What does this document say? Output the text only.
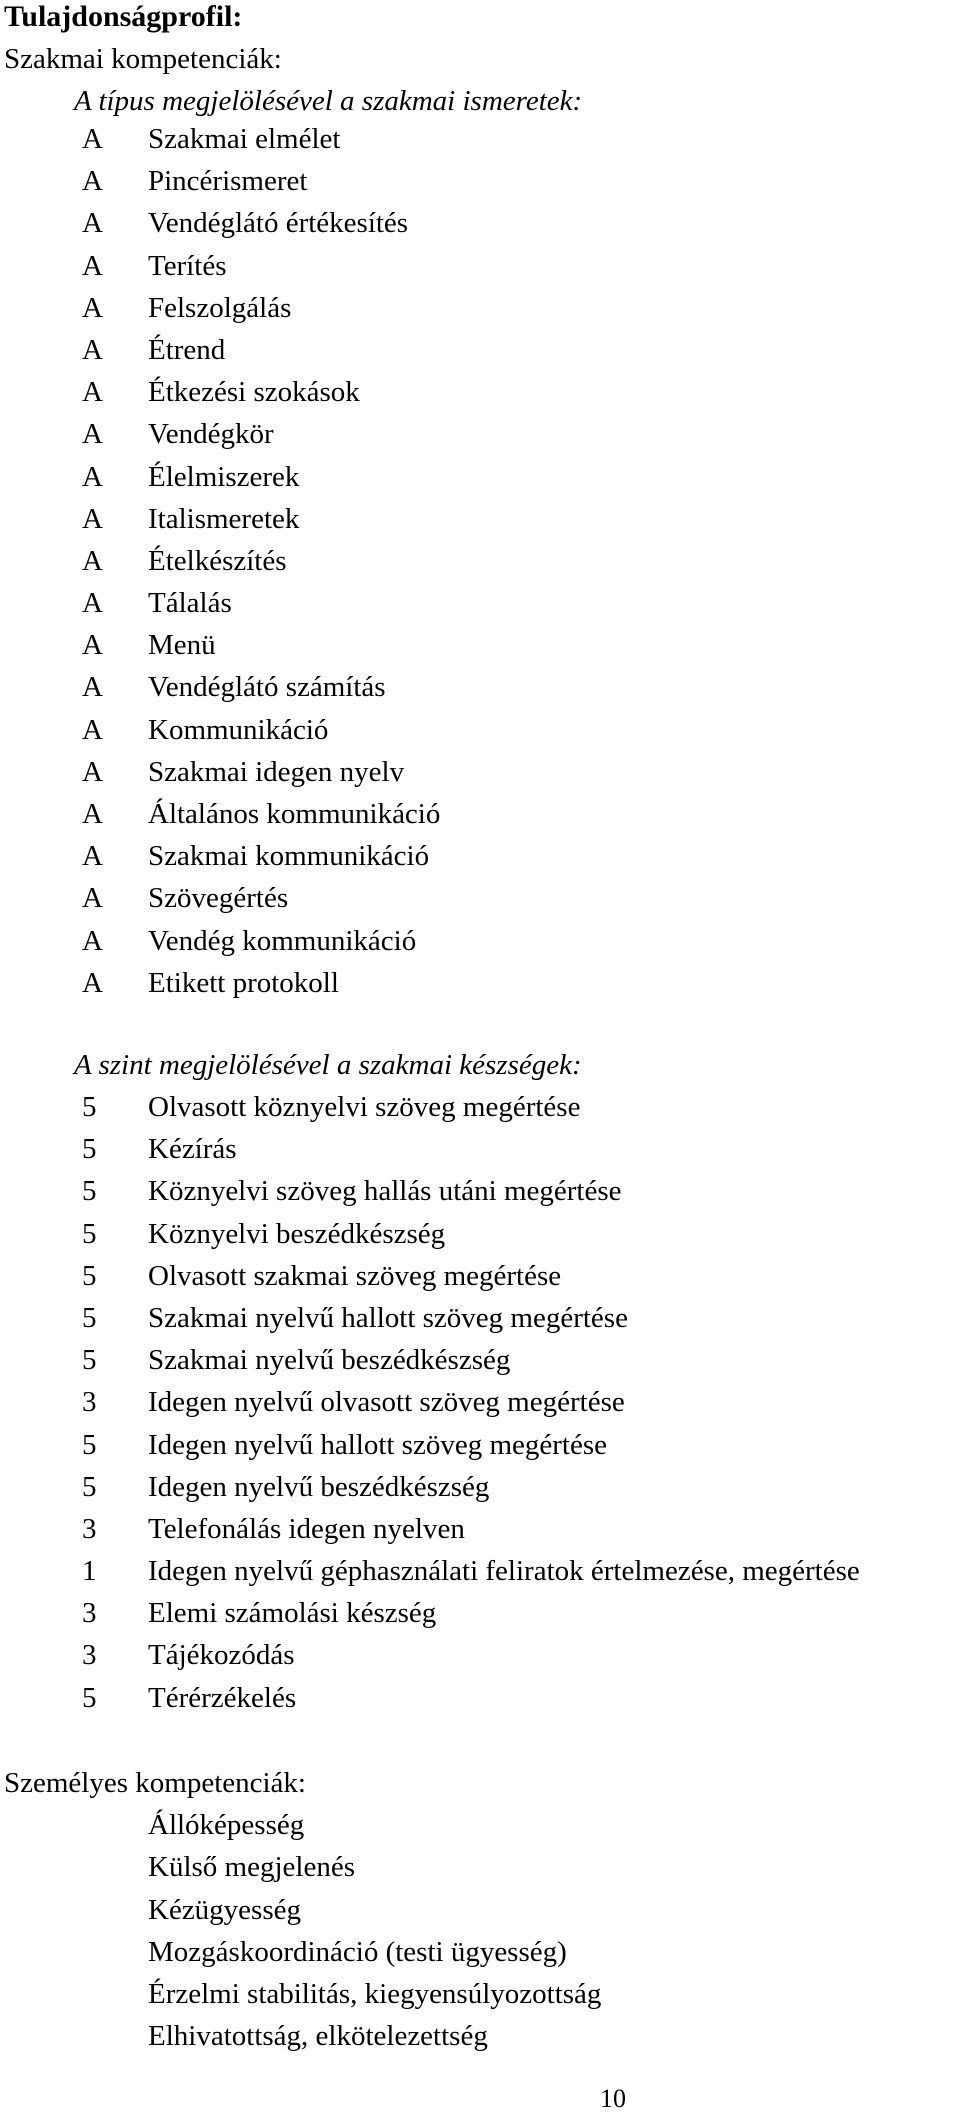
Tulajdonságprofil:
Szakmai kompetenciák:
A típus megjelölésével a szakmai ismeretek:
A Szakmai elmélet
A Pincérismeret
A Vendéglátó értékesítés
A Terítés
A Felszolgálás
A Étrend
A Étkezési szokások
A Vendégkör
A Élelmiszerek
A Italismeretek
A Ételkészítés
A Tálalás
A Menü
A Vendéglátó számítás
A Kommunikáció
A Szakmai idegen nyelv
A Általános kommunikáció
A Szakmai kommunikáció
A Szövegértés
A Vendég kommunikáció
A Etikett protokoll
A szint megjelölésével a szakmai készségek:
5 Olvasott köznyelvi szöveg megértése
5 Kézírás
5 Köznyelvi szöveg hallás utáni megértése
5 Köznyelvi beszédkészség
5 Olvasott szakmai szöveg megértése
5 Szakmai nyelvű hallott szöveg megértése
5 Szakmai nyelvű beszédkészség
3 Idegen nyelvű olvasott szöveg megértése
5 Idegen nyelvű hallott szöveg megértése
5 Idegen nyelvű beszédkészség
3 Telefonálás idegen nyelven
1 Idegen nyelvű géphasználati feliratok értelmezése, megértése
3 Elemi számolási készség
3 Tájékozódás
5 Térérzékelés
Személyes kompetenciák:
Állóképesség
Külső megjelenés
Kézügyesség
Mozgáskoordináció (testi ügyesség)
Érzelmi stabilitás, kiegyensúlyozottság
Elhivatottság, elkötelezettség
10
